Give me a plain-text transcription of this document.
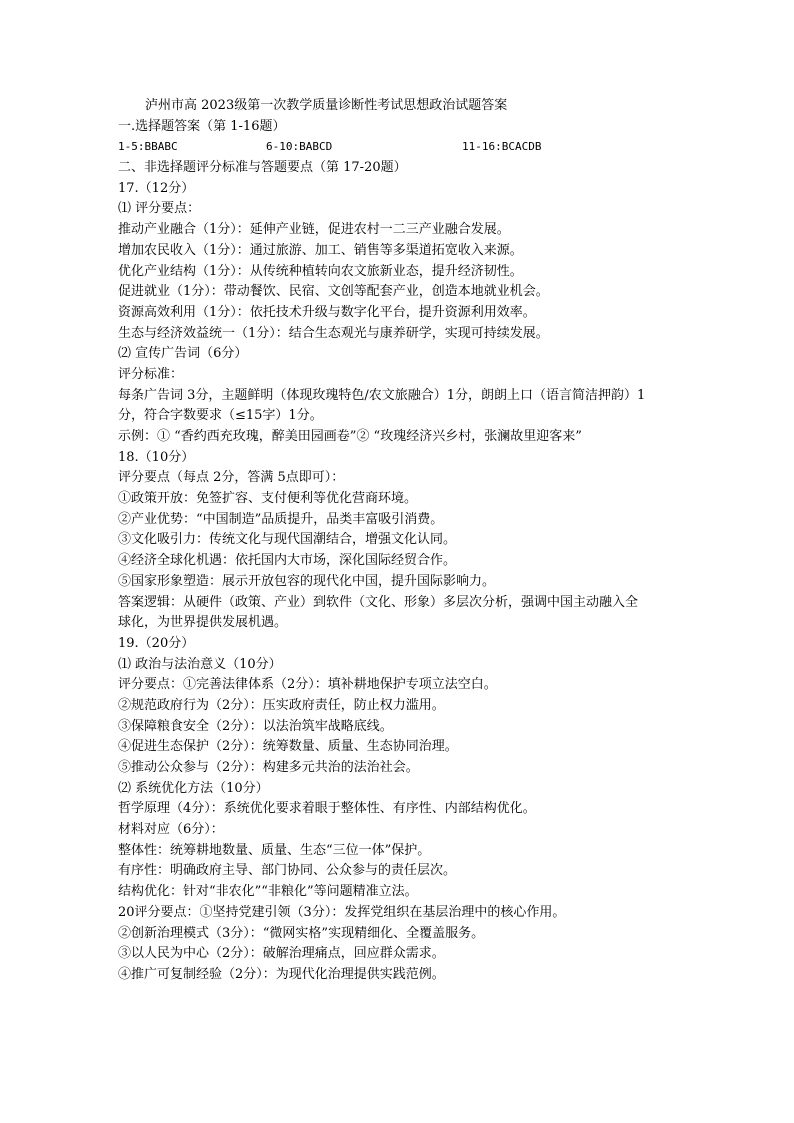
泸州市高 2023级第一次教学质量诊断性考试思想政治试题答案
一.选择题答案（第 1-16题）
1-5:BBABC	6-10:BABCD	11-16:BCACDB
二、非选择题评分标准与答题要点（第 17-20题）
17.（12分）
⑴ 评分要点：
推动产业融合（1分）：延伸产业链，促进农村一二三产业融合发展。
增加农民收入（1分）：通过旅游、加工、销售等多渠道拓宽收入来源。
优化产业结构（1分）：从传统种植转向农文旅新业态，提升经济韧性。
促进就业（1分）：带动餐饮、民宿、文创等配套产业，创造本地就业机会。
资源高效利用（1分）：依托技术升级与数字化平台，提升资源利用效率。
生态与经济效益统一（1分）：结合生态观光与康养研学，实现可持续发展。
⑵ 宣传广告词（6分）
评分标准：
每条广告词 3分，主题鲜明（体现玫瑰特色/农文旅融合）1分，朗朗上口（语言简洁押韵）1
分，符合字数要求（≤15字）1分。
示例：① “香约西充玫瑰，醉美田园画卷”② “玫瑰经济兴乡村，张澜故里迎客来”
18.（10分）
评分要点（每点 2分，答满 5点即可）：
①政策开放：免签扩容、支付便利等优化营商环境。
②产业优势：“中国制造”品质提升，品类丰富吸引消费。
③文化吸引力：传统文化与现代国潮结合，增强文化认同。
④经济全球化机遇：依托国内大市场，深化国际经贸合作。
⑤国家形象塑造：展示开放包容的现代化中国，提升国际影响力。
答案逻辑：从硬件（政策、产业）到软件（文化、形象）多层次分析，强调中国主动融入全
球化，为世界提供发展机遇。
19.（20分）
⑴ 政治与法治意义（10分）
评分要点：①完善法律体系（2分）：填补耕地保护专项立法空白。
②规范政府行为（2分）：压实政府责任，防止权力滥用。
③保障粮食安全（2分）：以法治筑牢战略底线。
④促进生态保护（2分）：统筹数量、质量、生态协同治理。
⑤推动公众参与（2分）：构建多元共治的法治社会。
⑵ 系统优化方法（10分）
哲学原理（4分）：系统优化要求着眼于整体性、有序性、内部结构优化。
材料对应（6分）：
整体性：统筹耕地数量、质量、生态“三位一体”保护。
有序性：明确政府主导、部门协同、公众参与的责任层次。
结构优化：针对“非农化”“非粮化”等问题精准立法。
20评分要点：①坚持党建引领（3分）：发挥党组织在基层治理中的核心作用。
②创新治理模式（3分）：“微网实格”实现精细化、全覆盖服务。
③以人民为中心（2分）：破解治理痛点，回应群众需求。
④推广可复制经验（2分）：为现代化治理提供实践范例。
